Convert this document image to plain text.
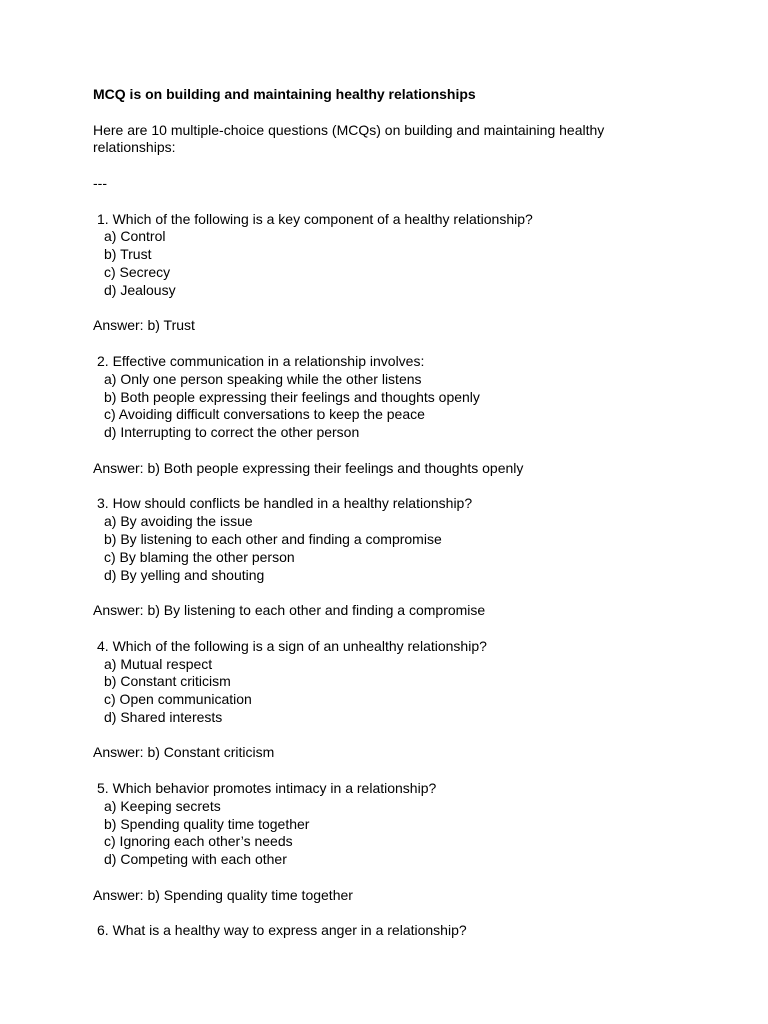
MCQ is on building and maintaining healthy relationships

Here are 10 multiple-choice questions (MCQs) on building and maintaining healthy

relationships:

---

1. Which of the following is a key component of a healthy relationship?

a) Control

b) Trust

c) Secrecy

d) Jealousy

Answer: b) Trust

2. Effective communication in a relationship involves:

a) Only one person speaking while the other listens

b) Both people expressing their feelings and thoughts openly

c) Avoiding difficult conversations to keep the peace

d) Interrupting to correct the other person

Answer: b) Both people expressing their feelings and thoughts openly

3. How should conflicts be handled in a healthy relationship?

a) By avoiding the issue

b) By listening to each other and finding a compromise

c) By blaming the other person

d) By yelling and shouting

Answer: b) By listening to each other and finding a compromise

4. Which of the following is a sign of an unhealthy relationship?

a) Mutual respect

b) Constant criticism

c) Open communication

d) Shared interests

Answer: b) Constant criticism

5. Which behavior promotes intimacy in a relationship?

a) Keeping secrets

b) Spending quality time together

c) Ignoring each other’s needs

d) Competing with each other

Answer: b) Spending quality time together

6. What is a healthy way to express anger in a relationship?
